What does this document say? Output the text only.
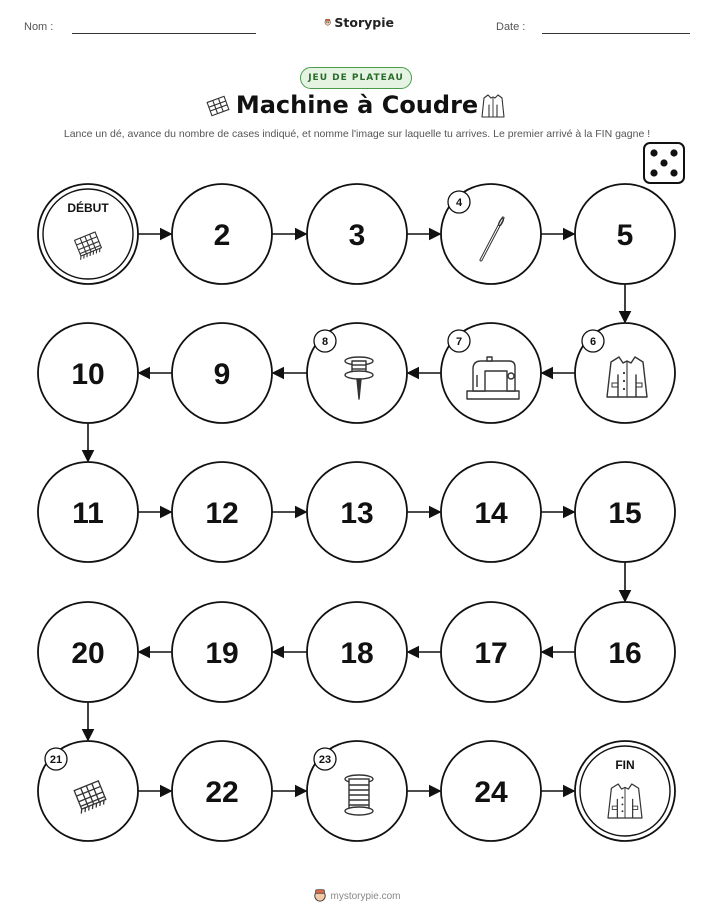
Nom :	Storypie	Date :
JEU DE PLATEAU
Machine à Coudre
Lance un dé, avance du nombre de cases indiqué, et nomme l'image sur laquelle tu arrives. Le premier arrivé à la FIN gagne !
DÉBUT
2	3
4
5
6
7
8
9
10
11	12	13	14	15
16
17
18
19
20
21
22
23
24
FIN
mystorypie.com
